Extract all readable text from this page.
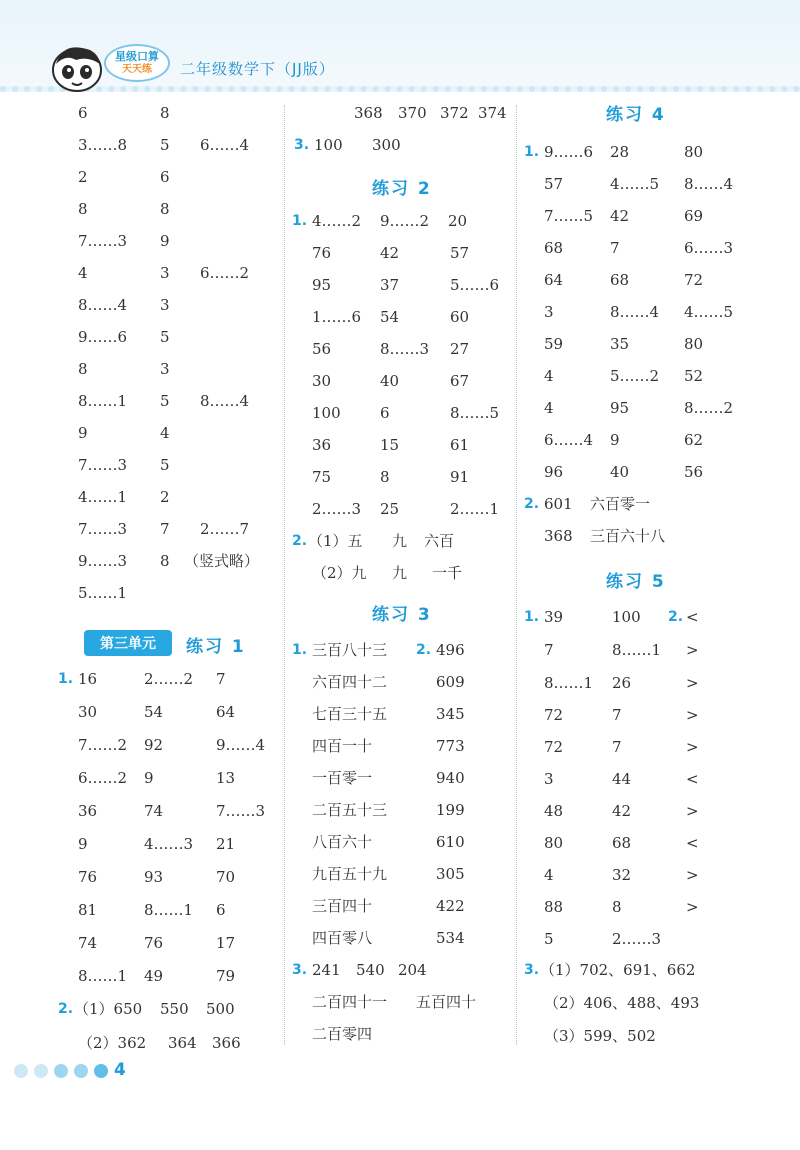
星级口算
天天练 二年级数学下（JJ版）
6	8
3……8 5 6……4
2	6
8	8
7……3 9
4	3 6……2
8……4 3
9……6 5
8	3
8……1 5 8……4
9	4
7……3 5
4……1 2
7……3 7 2……7
9……3 8 （竖式略）
5……1
第三单元	练习 1
1. 16	2……2 7
30	54	64
7……2 92	9……4
6……2 9	13
36	74	7……3
9	4……3 21
76	93	70
81	8……1 6
74	76	17
8……1 49	79
2. （1）650 550 500
（2）362 364 366
368 370 372 374
3. 100 300
练习 2
1. 4……2 9……2 20
76	42	57
95	37	5……6
1……6 54	60
56	8……3 27
30	40	67
100	6	8……5
36	15	61
75	8	91
2……3 25	2……1
2. （1）五 九 六百
（2）九 九 一千
练习 3
1. 三百八十三 2. 496
六百四十二	609
七百三十五	345
四百一十	773
一百零一	940
二百五十三	199
八百六十	610
九百五十九	305
三百四十	422
四百零八	534
3. 241 540 204
二百四十一 五百四十
二百零四
练习 4
1. 9……6 28	80
57	4……5 8……4
7……5 42	69
68	7	6……3
64	68	72
3	8……4 4……5
59	35	80
4	5……2 52
4	95	8……2
6……4 9	62
96	40	56
2. 601 六百零一
368 三百六十八
练习 5
1. 39	100 2. <
7	8……1 >
8……1 26	>
72	7	>
72	7	>
3	44	<
48	42	>
80	68	<
4	32	>
88	8	>
5	2……3
3. （1）702、691、662
（2）406、488、493
（3）599、502
4
